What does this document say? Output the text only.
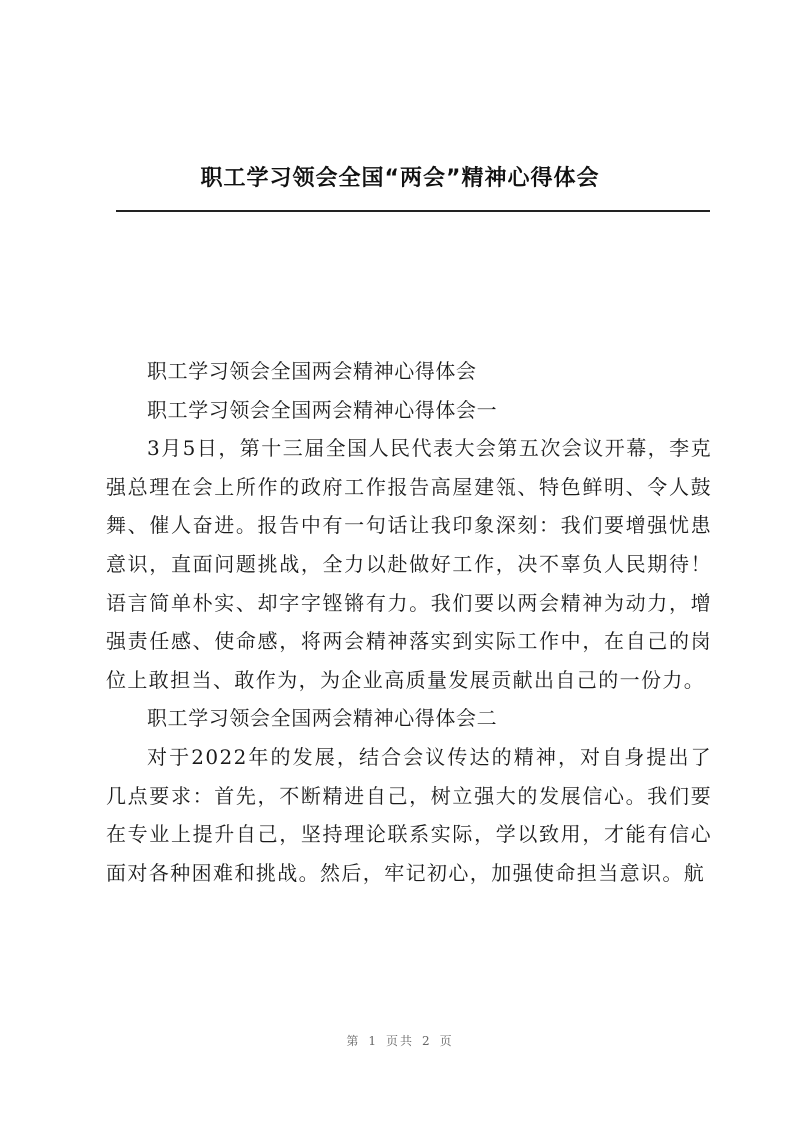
职工学习领会全国“两会”精神心得体会

职工学习领会全国两会精神心得体会

职工学习领会全国两会精神心得体会一

3月5日，第十三届全国人民代表大会第五次会议开幕，李克强总理在会上所作的政府工作报告高屋建瓴、特色鲜明、令人鼓舞、催人奋进。报告中有一句话让我印象深刻：我们要增强忧患意识，直面问题挑战，全力以赴做好工作，决不辜负人民期待！语言简单朴实、却字字铿锵有力。我们要以两会精神为动力，增强责任感、使命感，将两会精神落实到实际工作中，在自己的岗位上敢担当、敢作为，为企业高质量发展贡献出自己的一份力。

职工学习领会全国两会精神心得体会二

对于2022年的发展，结合会议传达的精神，对自身提出了几点要求：首先，不断精进自己，树立强大的发展信心。我们要在专业上提升自己，坚持理论联系实际，学以致用，才能有信心面对各种困难和挑战。然后，牢记初心，加强使命担当意识。航

第 1 页共 2 页
